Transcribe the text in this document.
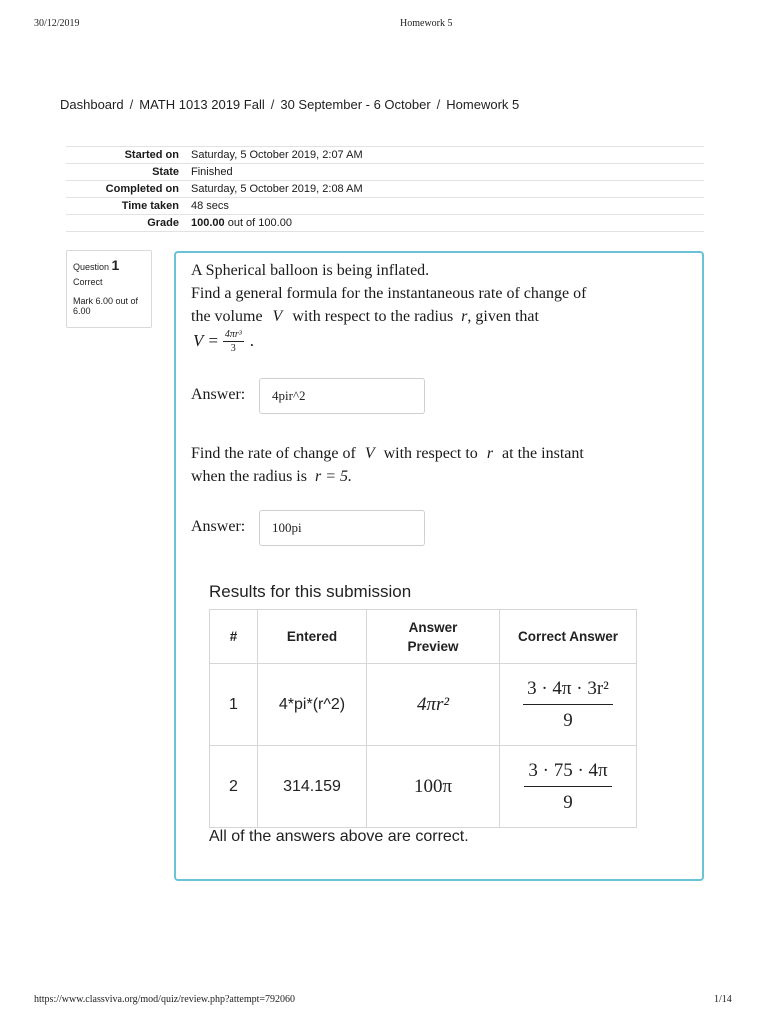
30/12/2019	Homework 5
Dashboard / MATH 1013 2019 Fall / 30 September - 6 October / Homework 5
Started on	Saturday, 5 October 2019, 2:07 AM
State	Finished
Completed on	Saturday, 5 October 2019, 2:08 AM
Time taken	48 secs
Grade	100.00 out of 100.00
Question 1
Correct
Mark 6.00 out of 6.00
A Spherical balloon is being inflated.
Find a general formula for the instantaneous rate of change of
the volume V with respect to the radius r, given that
$V = \frac{\text{4πr³}}{3}$ .
Answer:	4pir^2
Find the rate of change of V with respect to r at the instant
when the radius is r = 5.
Answer:	100pi
Results for this submission
#	Entered	Answer Preview	Correct Answer
1	4*pi*(r^2)	4πr²	$\frac{\text{3 · 4π · 3r²}}{9}$

2	314.159	100π	$\frac{3 \cdot 75 \cdot 4\pi}{9}$
All of the answers above are correct.
https://www.classviva.org/mod/quiz/review.php?attempt=792060	1/14
